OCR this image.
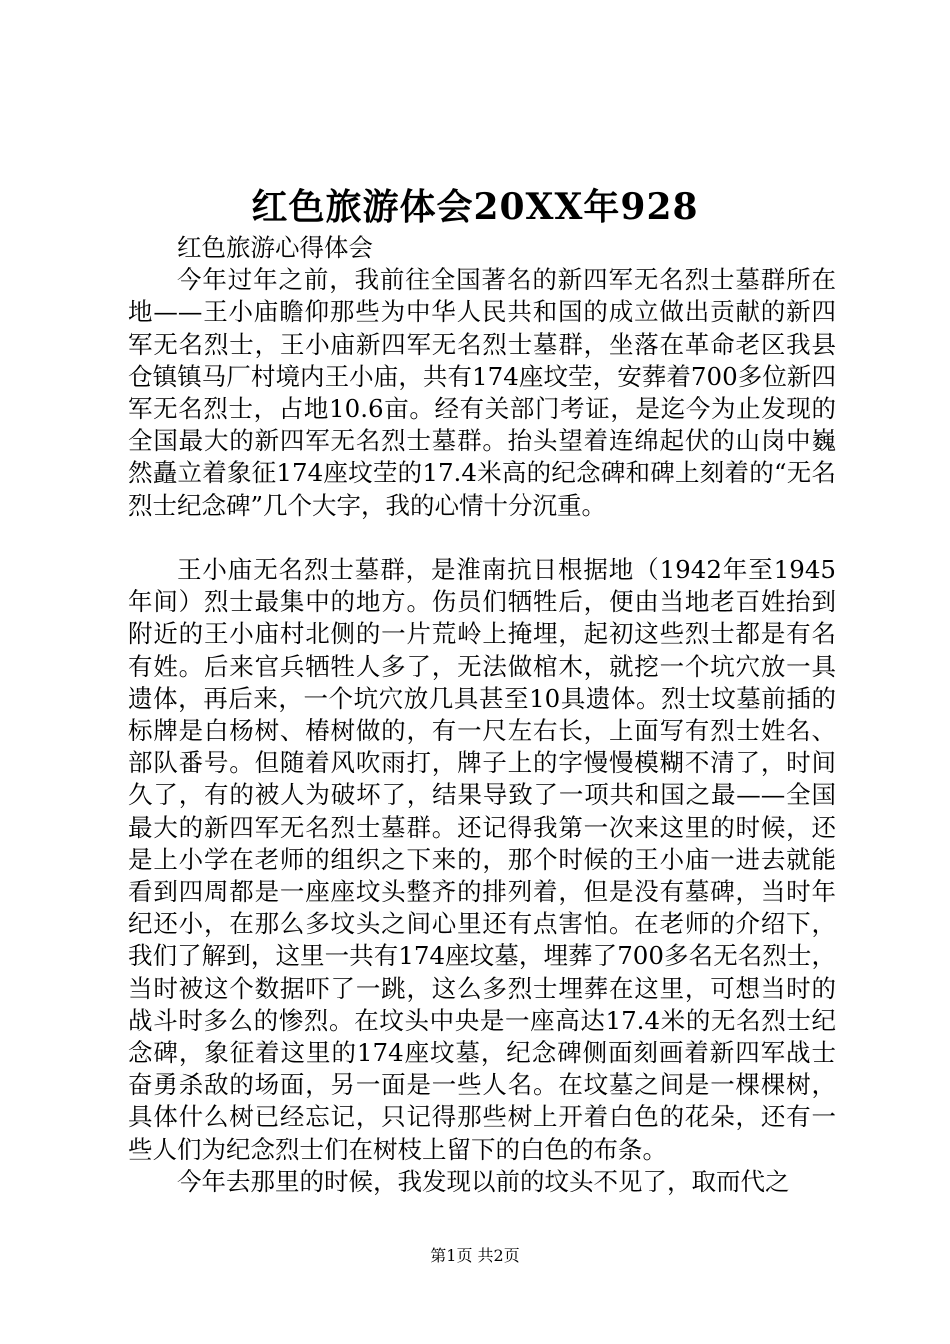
红色旅游体会20XX年928

红色旅游心得体会

今年过年之前，我前往全国著名的新四军无名烈士墓群所在地——王小庙瞻仰那些为中华人民共和国的成立做出贡献的新四军无名烈士，王小庙新四军无名烈士墓群，坐落在革命老区我县仓镇镇马厂村境内王小庙，共有174座坟茔，安葬着700多位新四军无名烈士，占地10.6亩。经有关部门考证，是迄今为止发现的全国最大的新四军无名烈士墓群。抬头望着连绵起伏的山岗中巍然矗立着象征174座坟茔的17.4米高的纪念碑和碑上刻着的“无名烈士纪念碑”几个大字，我的心情十分沉重。

王小庙无名烈士墓群，是淮南抗日根据地（1942年至1945年间）烈士最集中的地方。伤员们牺牲后，便由当地老百姓抬到附近的王小庙村北侧的一片荒岭上掩埋，起初这些烈士都是有名有姓。后来官兵牺牲人多了，无法做棺木，就挖一个坑穴放一具遗体，再后来，一个坑穴放几具甚至10具遗体。烈士坟墓前插的标牌是白杨树、椿树做的，有一尺左右长，上面写有烈士姓名、部队番号。但随着风吹雨打，牌子上的字慢慢模糊不清了，时间久了，有的被人为破坏了，结果导致了一项共和国之最——全国最大的新四军无名烈士墓群。还记得我第一次来这里的时候，还是上小学在老师的组织之下来的，那个时候的王小庙一进去就能看到四周都是一座座坟头整齐的排列着，但是没有墓碑，当时年纪还小，在那么多坟头之间心里还有点害怕。在老师的介绍下，我们了解到，这里一共有174座坟墓，埋葬了700多名无名烈士，当时被这个数据吓了一跳，这么多烈士埋葬在这里，可想当时的战斗时多么的惨烈。在坟头中央是一座高达17.4米的无名烈士纪念碑，象征着这里的174座坟墓，纪念碑侧面刻画着新四军战士奋勇杀敌的场面，另一面是一些人名。在坟墓之间是一棵棵树，具体什么树已经忘记，只记得那些树上开着白色的花朵，还有一些人们为纪念烈士们在树枝上留下的白色的布条。

今年去那里的时候，我发现以前的坟头不见了，取而代之

第1页 共2页
